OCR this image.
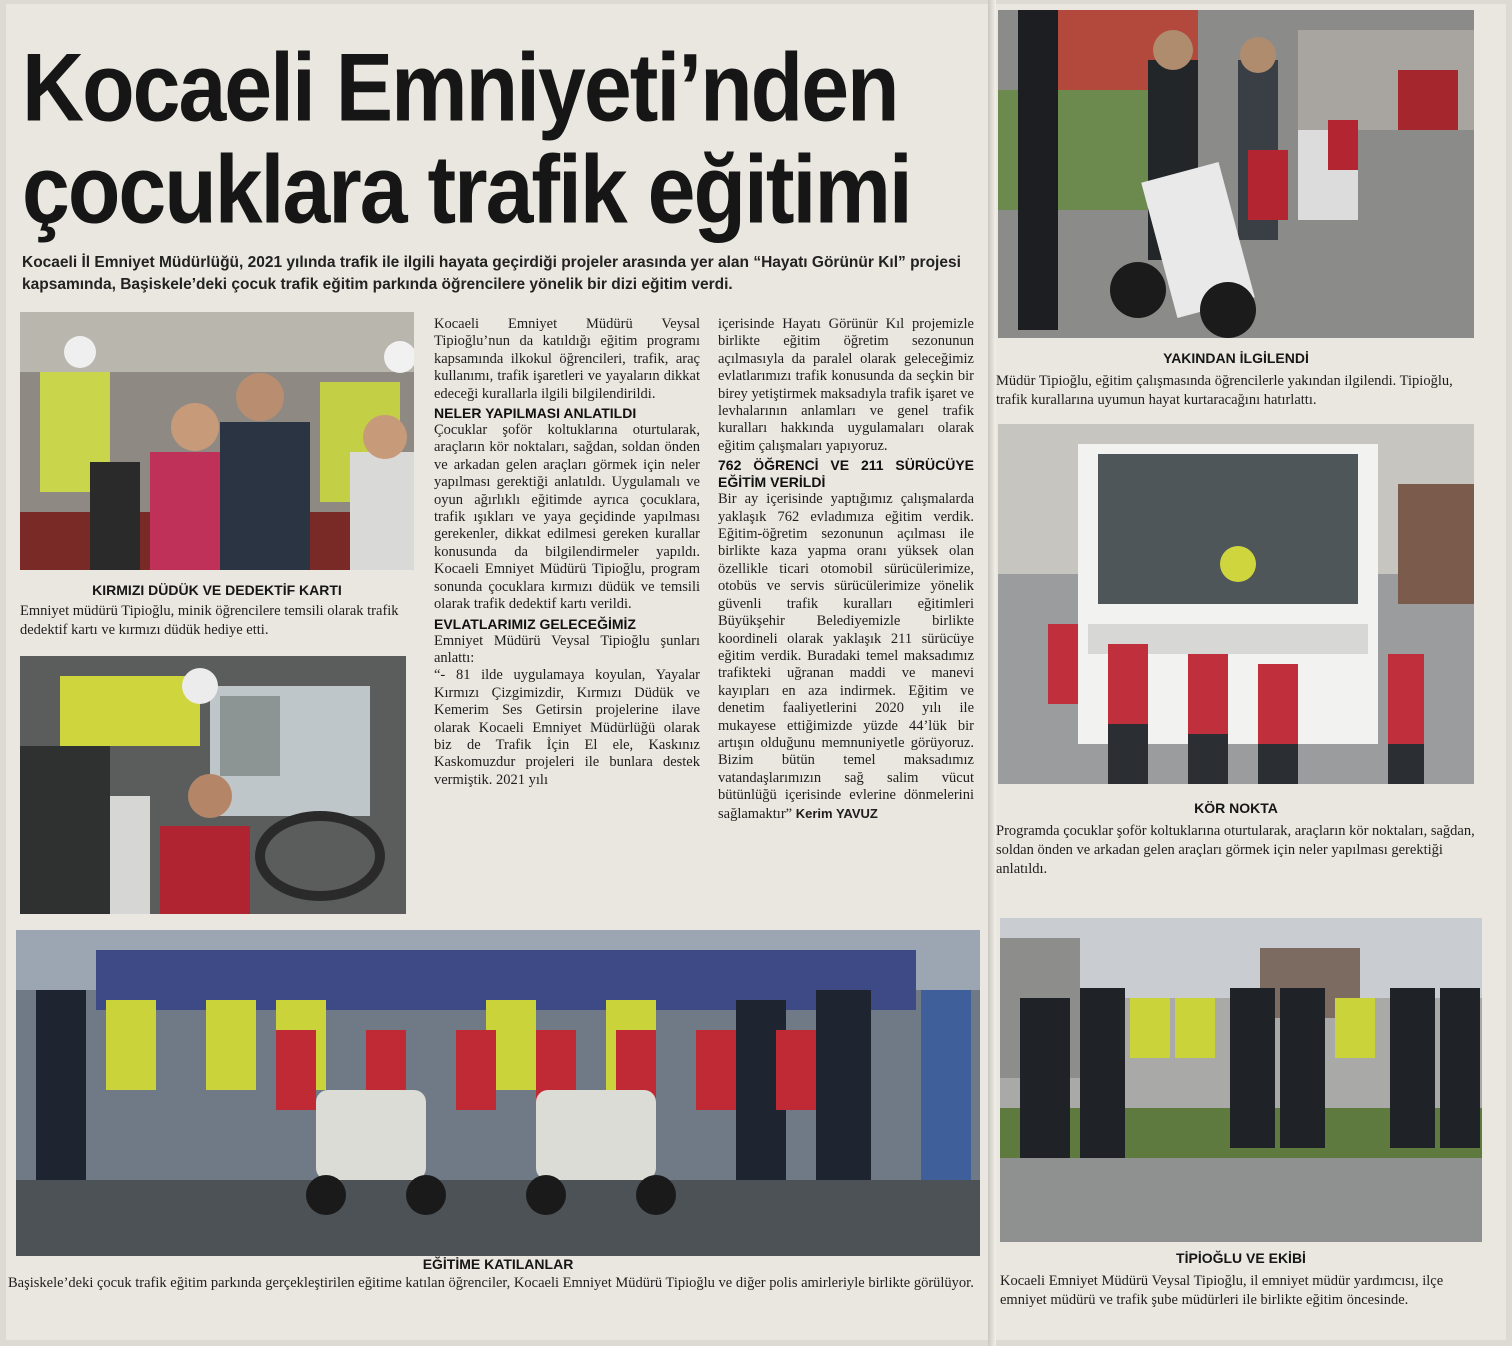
Kocaeli Emniyeti’nden
çocuklara trafik eğitimi

Kocaeli İl Emniyet Müdürlüğü, 2021 yılında trafik ile ilgili hayata geçirdiği projeler arasında yer alan “Hayatı Görünür Kıl” projesi kapsamında, Başiskele’deki çocuk trafik eğitim parkında öğrencilere yönelik bir dizi eğitim verdi.

KIRMIZI DÜDÜK VE DEDEKTİF KARTI

Emniyet müdürü Tipioğlu, minik öğrencilere temsili olarak trafik dedektif kartı ve kırmızı düdük hediye etti.

Kocaeli Emniyet Müdürü Veysal Tipioğlu’nun da katıldığı eğitim programı kapsamında ilkokul öğrencileri, trafik, araç kullanımı, trafik işaretleri ve yayaların dikkat edeceği kurallarla ilgili bilgilendirildi.

NELER YAPILMASI ANLATILDI

Çocuklar şoför koltuklarına oturtularak, araçların kör noktaları, sağdan, soldan önden ve arkadan gelen araçları görmek için neler yapılması gerektiği anlatıldı. Uygulamalı ve oyun ağırlıklı eğitimde ayrıca çocuklara, trafik ışıkları ve yaya geçidinde yapılması gerekenler, dikkat edilmesi gereken kurallar konusunda da bilgilendirmeler yapıldı. Kocaeli Emniyet Müdürü Tipioğlu, program sonunda çocuklara kırmızı düdük ve temsili olarak trafik dedektif kartı verildi.

EVLATLARIMIZ GELECEĞİMİZ

Emniyet Müdürü Veysal Tipioğlu şunları anlattı:

“- 81 ilde uygulamaya koyulan, Yayalar Kırmızı Çizgimizdir, Kırmızı Düdük ve Kemerim Ses Getirsin projelerine ilave olarak Kocaeli Emniyet Müdürlüğü olarak biz de Trafik İçin El ele, Kaskınız Kaskomuzdur projeleri ile bunlara destek vermiştik. 2021 yılı

içerisinde Hayatı Görünür Kıl projemizle birlikte eğitim öğretim sezonunun açılmasıyla da paralel olarak geleceğimiz evlatlarımızı trafik konusunda da seçkin bir birey yetiştirmek maksadıyla trafik işaret ve levhalarının anlamları ve genel trafik kuralları hakkında uygulamaları olarak eğitim çalışmaları yapıyoruz.

762 ÖĞRENCİ VE 211 SÜRÜCÜYE EĞİTİM VERİLDİ

Bir ay içerisinde yaptığımız çalışmalarda yaklaşık 762 evladımıza eğitim verdik. Eğitim-öğretim sezonunun açılması ile birlikte kaza yapma oranı yüksek olan özellikle ticari otomobil sürücülerimize, otobüs ve servis sürücülerimize yönelik güvenli trafik kuralları eğitimleri Büyükşehir Belediyemizle birlikte koordineli olarak yaklaşık 211 sürücüye eğitim verdik. Buradaki temel maksadımız trafikteki uğranan maddi ve manevi kayıpları en aza indirmek. Eğitim ve denetim faaliyetlerini 2020 yılı ile mukayese ettiğimizde yüzde 44’lük bir artışın olduğunu memnuniyetle görüyoruz. Bizim bütün temel maksadımız vatandaşlarımızın sağ salim vücut bütünlüğü içerisinde evlerine dönmelerini sağlamaktır” Kerim YAVUZ

EĞİTİME KATILANLAR

Başiskele’deki çocuk trafik eğitim parkında gerçekleştirilen eğitime katılan öğrenciler, Kocaeli Emniyet Müdürü Tipioğlu ve diğer polis amirleriyle birlikte görülüyor.

YAKINDAN İLGİLENDİ

Müdür Tipioğlu, eğitim çalışmasında öğrencilerle yakından ilgilendi. Tipioğlu, trafik kurallarına uyumun hayat kurtaracağını hatırlattı.

KÖR NOKTA

Programda çocuklar şoför koltuklarına oturtularak, araçların kör noktaları, sağdan, soldan önden ve arkadan gelen araçları görmek için neler yapılması gerektiği anlatıldı.

TİPİOĞLU VE EKİBİ

Kocaeli Emniyet Müdürü Veysal Tipioğlu, il emniyet müdür yardımcısı, ilçe emniyet müdürü ve trafik şube müdürleri ile birlikte eğitim öncesinde.
